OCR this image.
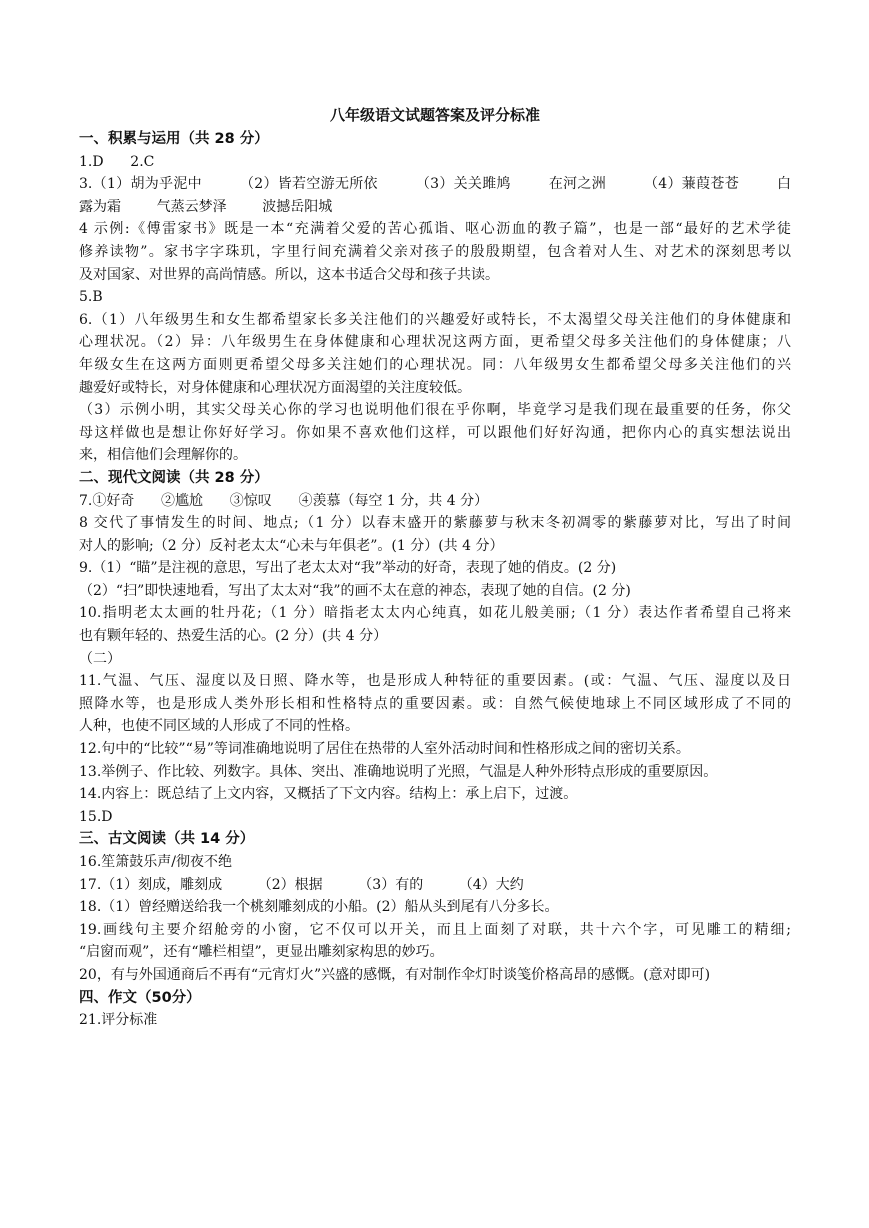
八年级语文试题答案及评分标准

一、积累与运用（共 28 分）

1.D      2.C

3.（1）胡为乎泥中        （2）皆若空游无所依        （3）关关雎鸠        在河之洲        （4）蒹葭苍苍        白

露为霜        气蒸云梦泽        波撼岳阳城

4 示例:《傅雷家书》既是一本“充满着父爱的苦心孤诣、呕心沥血的教子篇”，也是一部“最好的艺术学徒

修养读物”。家书字字珠玑，字里行间充满着父亲对孩子的殷殷期望，包含着对人生、对艺术的深刻思考以

及对国家、对世界的高尚情感。所以，这本书适合父母和孩子共读。

5.B

6.（1）八年级男生和女生都希望家长多关注他们的兴趣爱好或特长，不太渴望父母关注他们的身体健康和

心理状况。（2）异：八年级男生在身体健康和心理状况这两方面，更希望父母多关注他们的身体健康；八

年级女生在这两方面则更希望父母多关注她们的心理状况。同：八年级男女生都希望父母多关注他们的兴

趣爱好或特长，对身体健康和心理状况方面渴望的关注度较低。

（3）示例小明，其实父母关心你的学习也说明他们很在乎你啊，毕竟学习是我们现在最重要的任务，你父

母这样做也是想让你好好学习。你如果不喜欢他们这样，可以跟他们好好沟通，把你内心的真实想法说出

来，相信他们会理解你的。

二、现代文阅读（共 28 分）

7.①好奇      ②尴尬      ③惊叹      ④羡慕（每空 1 分，共 4 分）

8 交代了事情发生的时间、地点;（1 分）以春末盛开的紫藤萝与秋末冬初凋零的紫藤萝对比，写出了时间

对人的影响;（2 分）反衬老太太“心未与年俱老”。(1 分）(共 4 分）

9.（1）“瞄”是注视的意思，写出了老太太对“我”举动的好奇，表现了她的俏皮。(2 分)

（2）“扫”即快速地看，写出了太太对“我”的画不太在意的神态，表现了她的自信。(2 分)

10.指明老太太画的牡丹花;（1 分）暗指老太太内心纯真，如花儿般美丽;（1 分）表达作者希望自己将来

也有颗年轻的、热爱生活的心。(2 分）(共 4 分）

（二）

11.气温、气压、湿度以及日照、降水等，也是形成人种特征的重要因素。(或：气温、气压、湿度以及日

照降水等，也是形成人类外形长相和性格特点的重要因素。或：自然气候使地球上不同区域形成了不同的

人种，也使不同区域的人形成了不同的性格。

12.句中的“比较”“易”等词准确地说明了居住在热带的人室外活动时间和性格形成之间的密切关系。

13.举例子、作比较、列数字。具体、突出、准确地说明了光照，气温是人种外形特点形成的重要原因。

14.内容上：既总结了上文内容，又概括了下文内容。结构上：承上启下，过渡。

15.D

三、古文阅读（共 14 分）

16.笙箫鼓乐声/彻夜不绝

17.（1）刻成，雕刻成        （2）根据        （3）有的        （4）大约

18.（1）曾经赠送给我一个桃刻雕刻成的小船。(2）船从头到尾有八分多长。

19.画线句主要介绍舱旁的小窗，它不仅可以开关，而且上面刻了对联，共十六个字，可见雕工的精细;

“启窗而观”，还有“雕栏相望”，更显出雕刻家构思的妙巧。

20，有与外国通商后不再有“元宵灯火”兴盛的感慨，有对制作伞灯时谈笺价格高昂的感慨。(意对即可)

四、作文（50分）

21.评分标准
